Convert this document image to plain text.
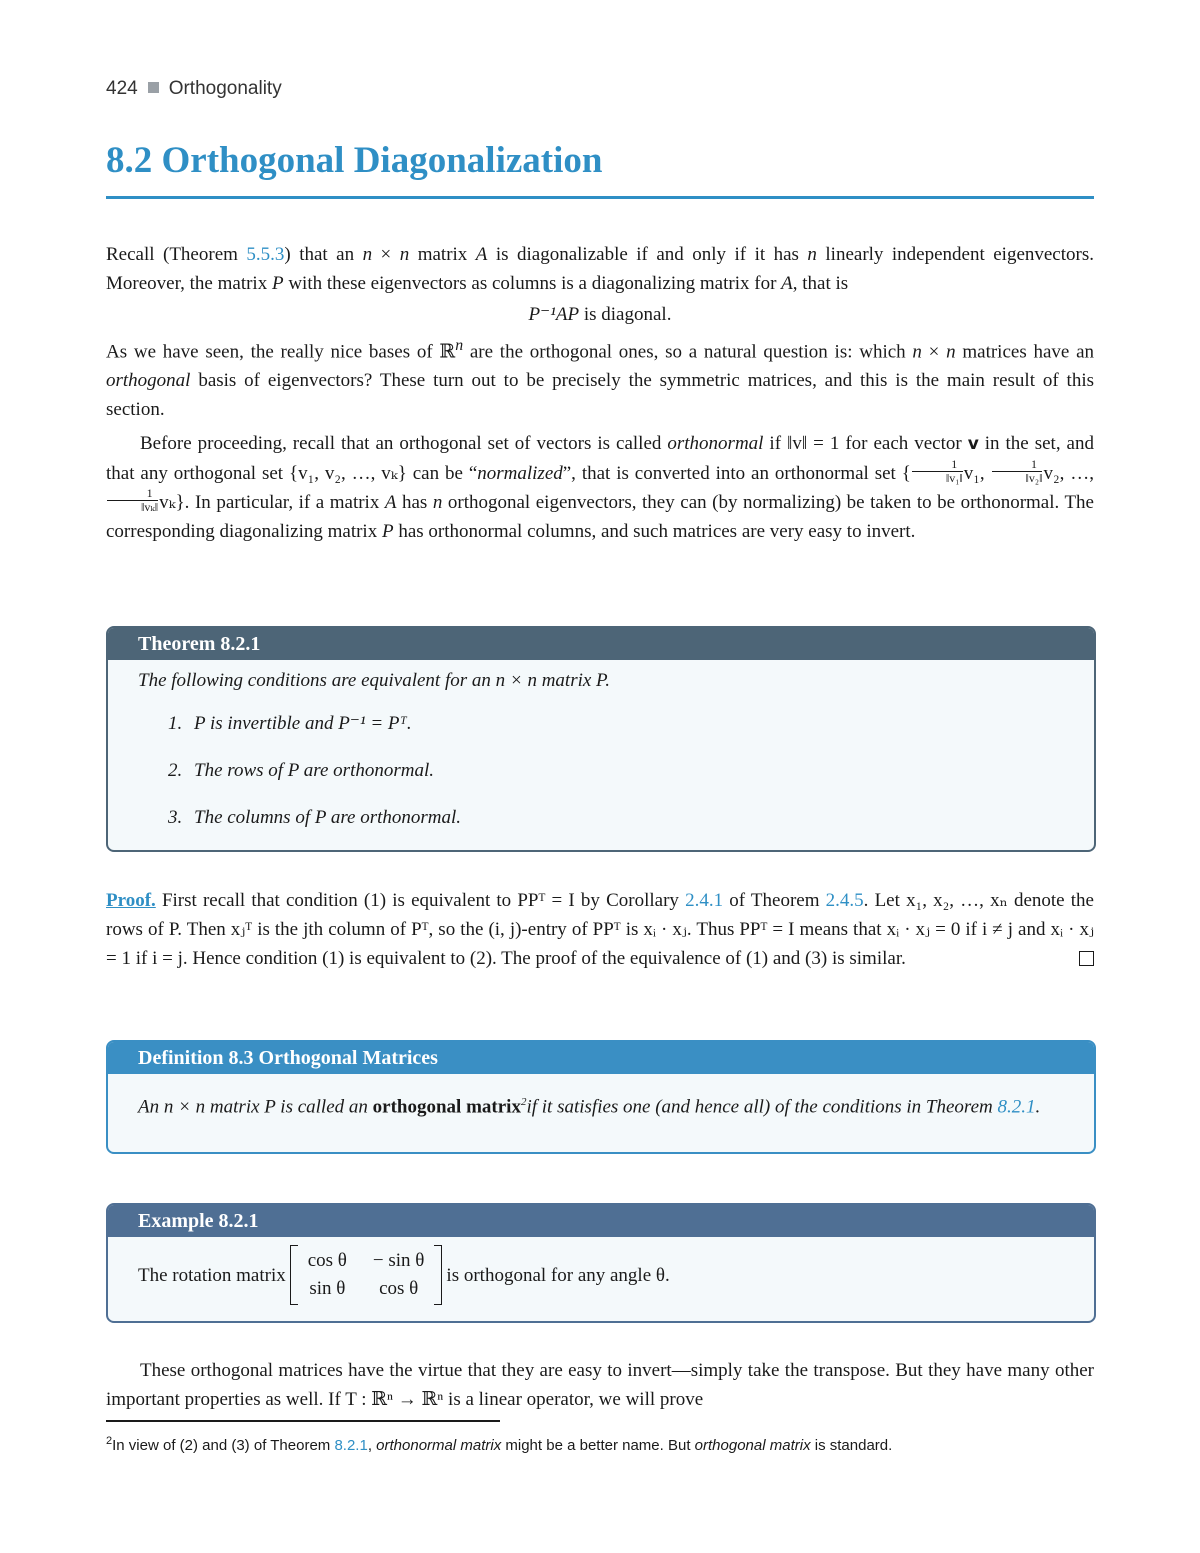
424 Orthogonality
8.2 Orthogonal Diagonalization

Recall (Theorem 5.5.3) that an n × n matrix A is diagonalizable if and only if it has n linearly independent eigenvectors. Moreover, the matrix P with these eigenvectors as columns is a diagonalizing matrix for A, that is

P⁻¹AP is diagonal.

As we have seen, the really nice bases of ℝ$^n$ are the orthogonal ones, so a natural question is: which n × n matrices have an orthogonal basis of eigenvectors? These turn out to be precisely the symmetric matrices, and this is the main result of this section.

Before proceeding, recall that an orthogonal set of vectors is called orthonormal if ‖v‖ = 1 for each vector v in the set, and that any orthogonal set {v₁, v₂, …, vₖ} can be “normalized”, that is converted into an orthonormal set { $\frac{1}{\text{‖v₁‖}} v_1$, $\frac{1}{\text{‖v₂‖}} v_2$, …,
$\frac{1}{\text{‖vₖ‖}} v_k$}. In particular, if a matrix A has n orthogonal eigenvectors, they can (by normalizing) be taken to be orthonormal. The corresponding diagonalizing matrix P has orthonormal columns, and such matrices are very easy to invert.

Theorem 8.2.1

The following conditions are equivalent for an n × n matrix P.

1. P is invertible and P⁻¹ = Pᵀ.
2. The rows of P are orthonormal.
3. The columns of P are orthonormal.

Proof. First recall that condition (1) is equivalent to PPᵀ = I by Corollary 2.4.1 of Theorem 2.4.5. Let x₁, x₂, …, xₙ denote the rows of P. Then xⱼᵀ is the jth column of Pᵀ, so the (i, j)-entry of PPᵀ is xᵢ · xⱼ. Thus PPᵀ = I means that xᵢ · xⱼ = 0 if i ≠ j and xᵢ · xⱼ = 1 if i = j. Hence condition (1) is equivalent to (2). The proof of the equivalence of (1) and (3) is similar.

Definition 8.3 Orthogonal Matrices

An n × n matrix P is called an orthogonal matrix$^2$if it satisfies one (and hence all) of the conditions in Theorem 8.2.1.

Example 8.2.1
The rotation matrix
cos θ − sin θ
sin θ	cos θ
is orthogonal for any angle θ.

These orthogonal matrices have the virtue that they are easy to invert—simply take the transpose. But they have many other important properties as well. If T : ℝⁿ → ℝⁿ is a linear operator, we will prove

$^2$In view of (2) and (3) of Theorem 8.2.1, orthonormal matrix might be a better name. But orthogonal matrix is standard.
